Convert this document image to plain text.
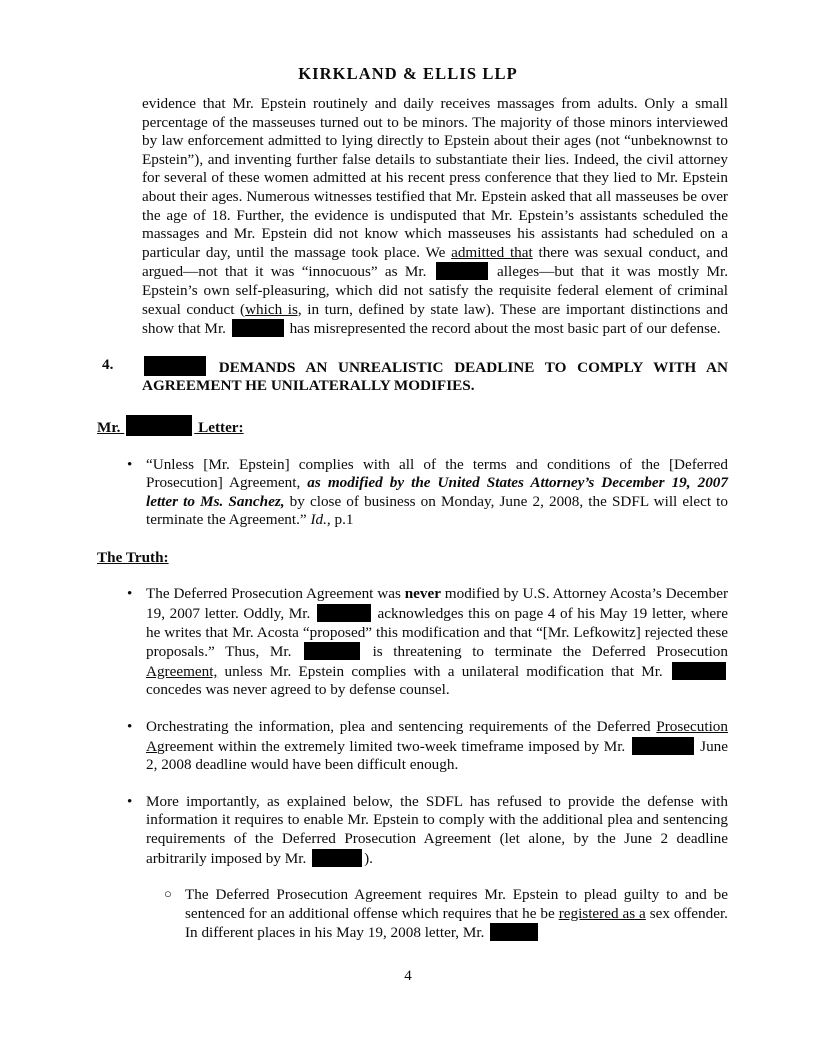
KIRKLAND & ELLIS LLP

evidence that Mr. Epstein routinely and daily receives massages from adults. Only a small percentage of the masseuses turned out to be minors. The majority of those minors interviewed by law enforcement admitted to lying directly to Epstein about their ages (not “unbeknownst to Epstein”), and inventing further false details to substantiate their lies. Indeed, the civil attorney for several of these women admitted at his recent press conference that they lied to Mr. Epstein about their ages. Numerous witnesses testified that Mr. Epstein asked that all masseuses be over the age of 18. Further, the evidence is undisputed that Mr. Epstein’s assistants scheduled the massages and Mr. Epstein did not know which masseuses his assistants had scheduled on a particular day, until the massage took place. We admitted that there was sexual conduct, and argued—not that it was “innocuous” as Mr.	alleges—but that it was mostly Mr. Epstein’s own self-pleasuring, which did not satisfy the requisite federal element of criminal sexual conduct (which is, in turn, defined by state law). These are important distinctions and show that Mr.	has misrepresented the record about the most basic part of our defense.

4.	DEMANDS AN UNREALISTIC DEADLINE TO COMPLY WITH AN AGREEMENT HE UNILATERALLY MODIFIES.
Mr.	Letter:
• “Unless [Mr. Epstein] complies with all of the terms and conditions of the [Deferred Prosecution] Agreement, as modified by the United States Attorney’s December 19, 2007 letter to Ms. Sanchez, by close of business on Monday, June 2, 2008, the SDFL will elect to terminate the Agreement.” Id., p.1
The Truth:
• The Deferred Prosecution Agreement was never modified by U.S. Attorney Acosta’s December 19, 2007 letter. Oddly, Mr.	acknowledges this on page 4 of his May 19 letter, where he writes that Mr. Acosta “proposed” this modification and that “[Mr. Lefkowitz] rejected these proposals.” Thus, Mr.	is threatening to terminate the Deferred Prosecution Agreement, unless Mr. Epstein complies with a unilateral modification that Mr.  concedes was never agreed to by defense counsel.
• Orchestrating the information, plea and sentencing requirements of the Deferred Prosecution Agreement within the extremely limited two-week timeframe imposed by Mr.	June 2, 2008 deadline would have been difficult enough.
• More importantly, as explained below, the SDFL has refused to provide the defense with information it requires to enable Mr. Epstein to comply with the additional plea and sentencing requirements of the Deferred Prosecution Agreement (let alone, by the June 2 deadline arbitrarily imposed by Mr.	).
○ The Deferred Prosecution Agreement requires Mr. Epstein to plead guilty to and be sentenced for an additional offense which requires that he be registered as a sex offender. In different places in his May 19, 2008 letter, Mr.
4
